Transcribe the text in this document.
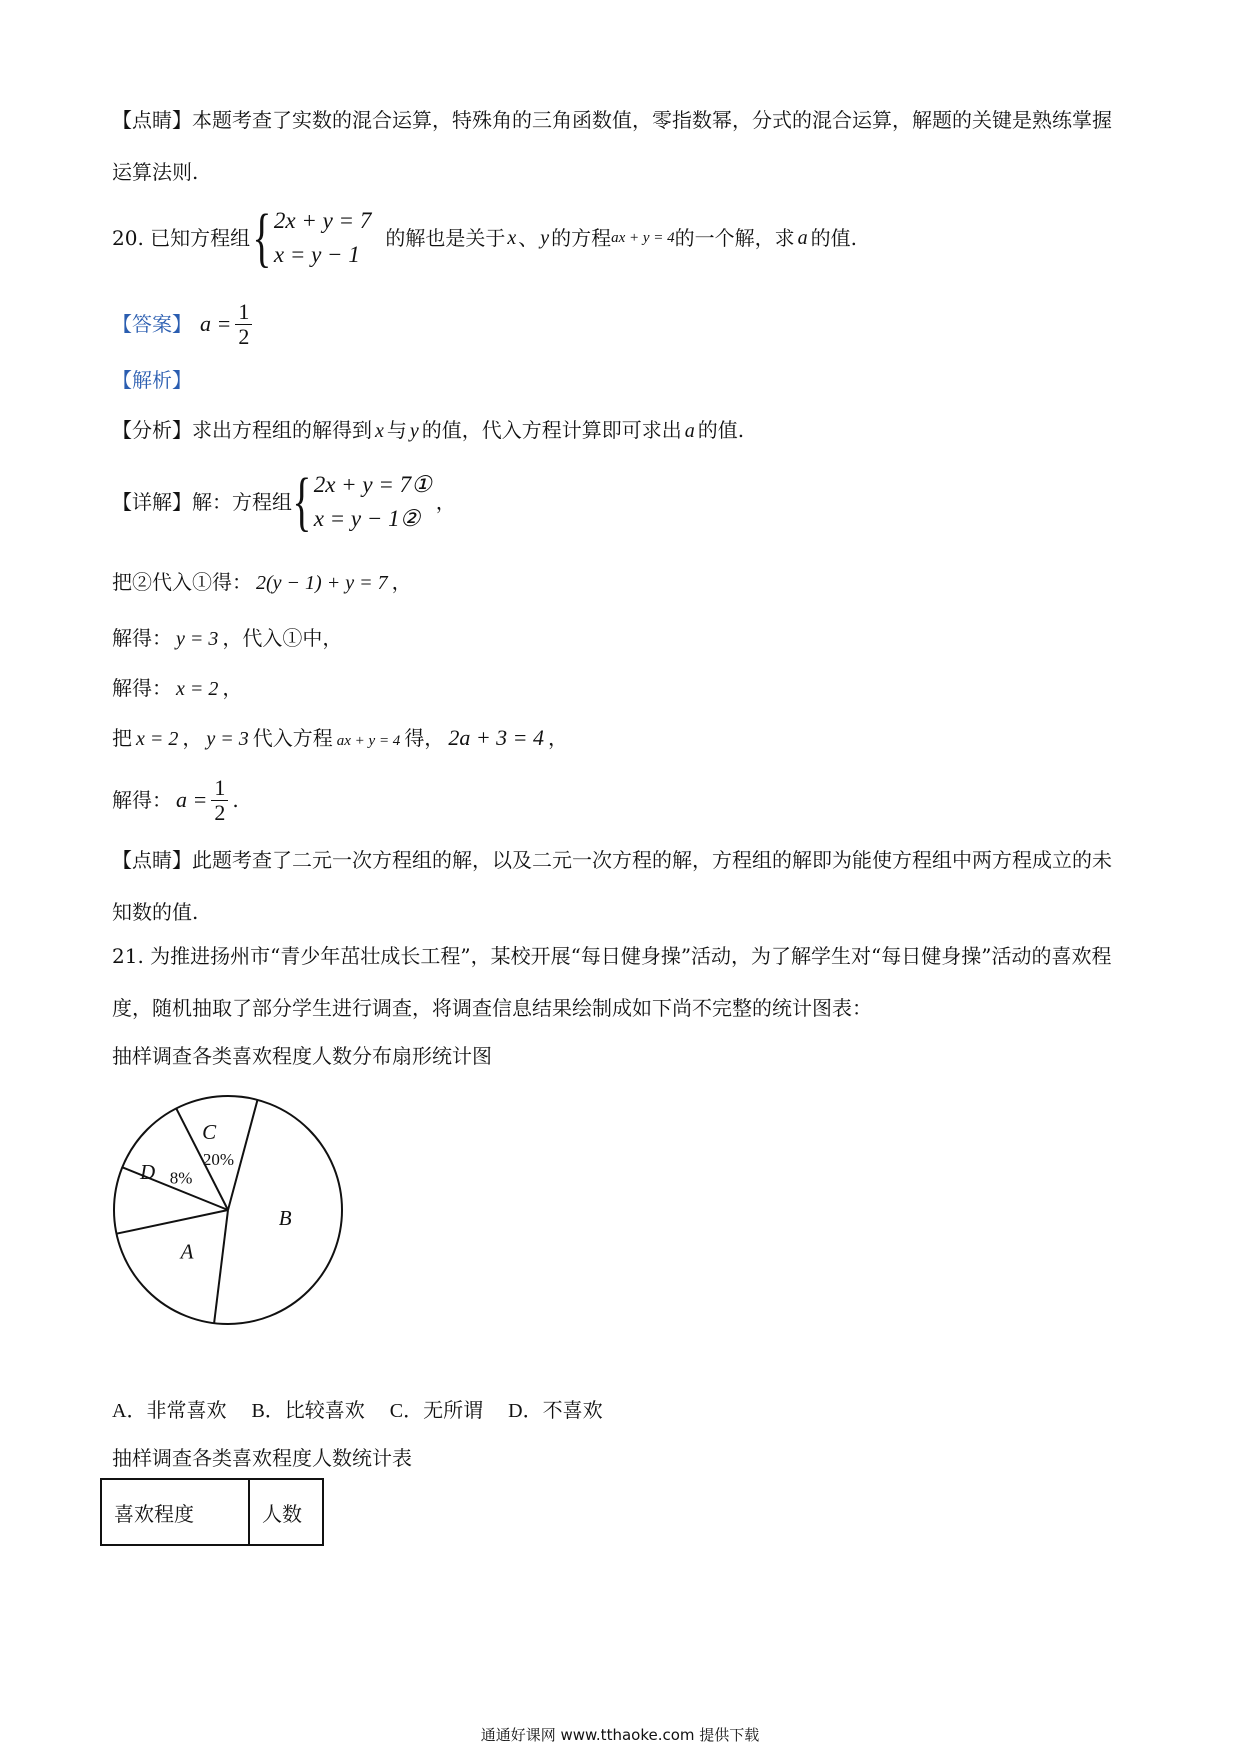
【点睛】本题考查了实数的混合运算，特殊角的三角函数值，零指数幂，分式的混合运算，解题的关键是熟练掌握运算法则.
20. 已知方程组 { 2x + y = 7
x = y − 1
的解也是关于 x 、 y 的方程 ax + y = 4 的一个解，求 a 的值.
【答案】 $a = \frac{1}{2}$
【解析】
【分析】求出方程组的解得到 x 与 y 的值，代入方程计算即可求出 a 的值.
【详解】 解：方程组 { 2x + y = 7①
x = y − 1②
，
把②代入①得： 2(y − 1) + y = 7 ，
解得： y = 3 ，代入①中，
解得： x = 2 ，
把 x = 2 ， y = 3 代入方程 ax + y = 4 得， 2a + 3 = 4 ，
解得： $a = \frac{1}{2}$ .
【点睛】此题考查了二元一次方程组的解，以及二元一次方程的解，方程组的解即为能使方程组中两方程成立的未知数的值.
21. 为推进扬州市“青少年茁壮成长工程”，某校开展“每日健身操”活动，为了解学生对“每日健身操”活动的喜欢程度，随机抽取了部分学生进行调查，将调查信息结果绘制成如下尚不完整的统计图表：
抽样调查各类喜欢程度人数分布扇形统计图
A
B
C
20%
D 8%
A．非常喜欢　 B．比较喜欢　 C．无所谓　 D．不喜欢
抽样调查各类喜欢程度人数统计表
喜欢程度	人数
通通好课网 www.tthaoke.com 提供下载
